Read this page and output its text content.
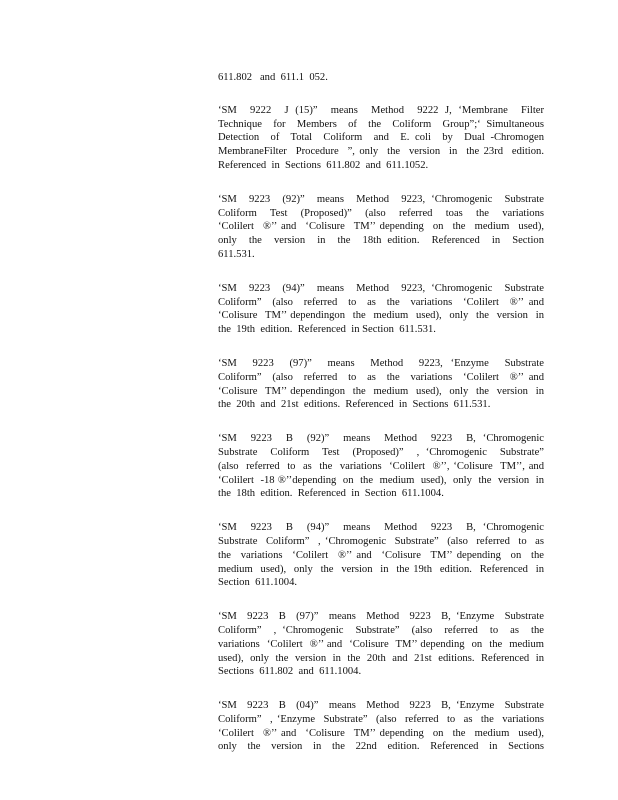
611.802   and  611.1  052.
‘SM  9222  J (15)”  means  Method  9222 J, ‘Membrane  Filter
Technique  for  Members  of  the  Coliform  Group”;‘ Simultaneous
Detection  of  Total  Coliform  and  E. coli  by  Dual -Chromogen
MembraneFilter  Procedure  ”, only  the  version  in  the 23rd  edition.
Referenced  in  Sections  611.802  and  611.1052.
‘SM  9223  (92)”  means  Method  9223, ‘Chromogenic  Substrate
Coliform  Test  (Proposed)”  (also  referred  toas  the  variations
‘Colilert  ®’’ and  ‘Colisure  TM’’ depending  on  the  medium  used),
only  the  version  in  the  18th edition.  Referenced  in  Section
611.531.
‘SM  9223  (94)”  means  Method  9223, ‘Chromogenic  Substrate
Coliform”  (also  referred  to  as  the  variations  ‘Colilert  ®’’ and
‘Colisure  TM’’ dependingon  the  medium  used),  only  the  version  in
the  19th  edition.  Referenced  in Section  611.531.
‘SM  9223  (97)”  means  Method  9223, ‘Enzyme  Substrate
Coliform”  (also  referred  to  as  the  variations  ‘Colilert  ®’’ and
‘Colisure  TM’’ dependingon  the  medium  used),  only  the  version  in
the  20th  and  21st  editions.  Referenced  in  Sections  611.531.
‘SM  9223  B  (92)”  means  Method  9223  B, ‘Chromogenic
Substrate  Coliform  Test  (Proposed)”  , ‘Chromogenic  Substrate”
(also  referred  to  as  the  variations  ‘Colilert  ®’’, ‘Colisure  TM’’, and
‘Colilert  -18 ®’’depending  on  the  medium  used),  only  the  version  in
the  18th  edition.  Referenced  in  Section  611.1004.
‘SM  9223  B  (94)”  means  Method  9223  B, ‘Chromogenic
Substrate  Coliform”  , ‘Chromogenic  Substrate”  (also  referred  to  as
the  variations  ‘Colilert  ®’’ and  ‘Colisure  TM’’ depending  on  the
medium  used),  only  the  version  in  the 19th  edition.  Referenced  in
Section  611.1004.
‘SM  9223  B  (97)”  means  Method  9223  B, ‘Enzyme  Substrate
Coliform”  , ‘Chromogenic  Substrate”  (also  referred  to  as  the
variations  ‘Colilert  ®’’ and  ‘Colisure  TM’’ depending  on  the  medium
used),  only  the  version  in  the  20th  and  21st  editions.  Referenced  in
Sections  611.802  and  611.1004.
‘SM  9223  B  (04)”  means  Method  9223  B, ‘Enzyme  Substrate
Coliform”  , ‘Enzyme  Substrate”  (also  referred  to  as  the  variations
‘Colilert  ®’’ and  ‘Colisure  TM’’ depending  on  the  medium  used),
only  the  version  in  the  22nd  edition.  Referenced  in  Sections
